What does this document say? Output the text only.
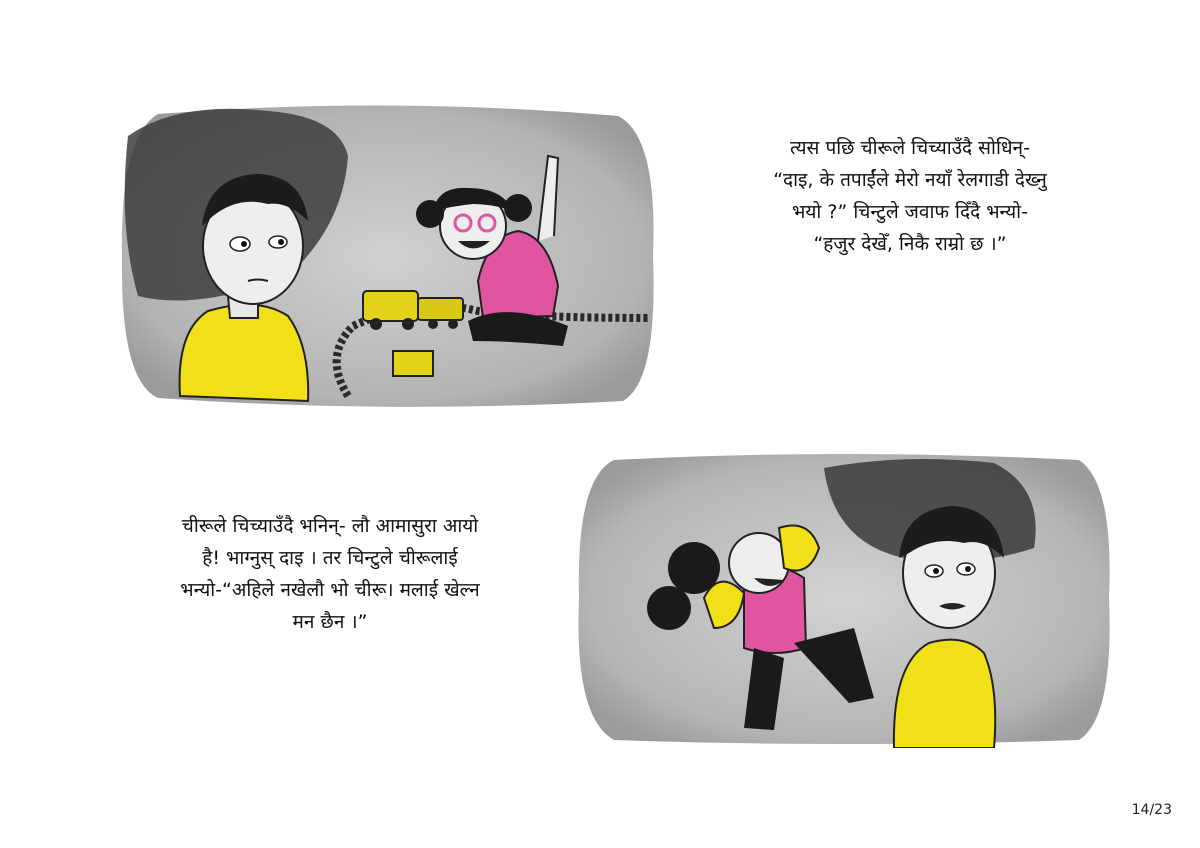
त्यस पछि चीरूले चिच्याउँदै सोधिन्-
“दाइ, के तपाईंले मेरो नयाँ रेलगाडी देख्नु
भयो ?” चिन्टुले जवाफ दिँदै भन्यो-
“हजुर देखेँ, निकै राम्रो छ ।”
चीरूले चिच्याउँदै भनिन्- लौ आमासुरा आयो
है! भाग्नुस् दाइ । तर चिन्टुले चीरूलाई
भन्यो-“अहिले नखेलौ भो चीरू। मलाई खेल्न
मन छैन ।”
14/23
